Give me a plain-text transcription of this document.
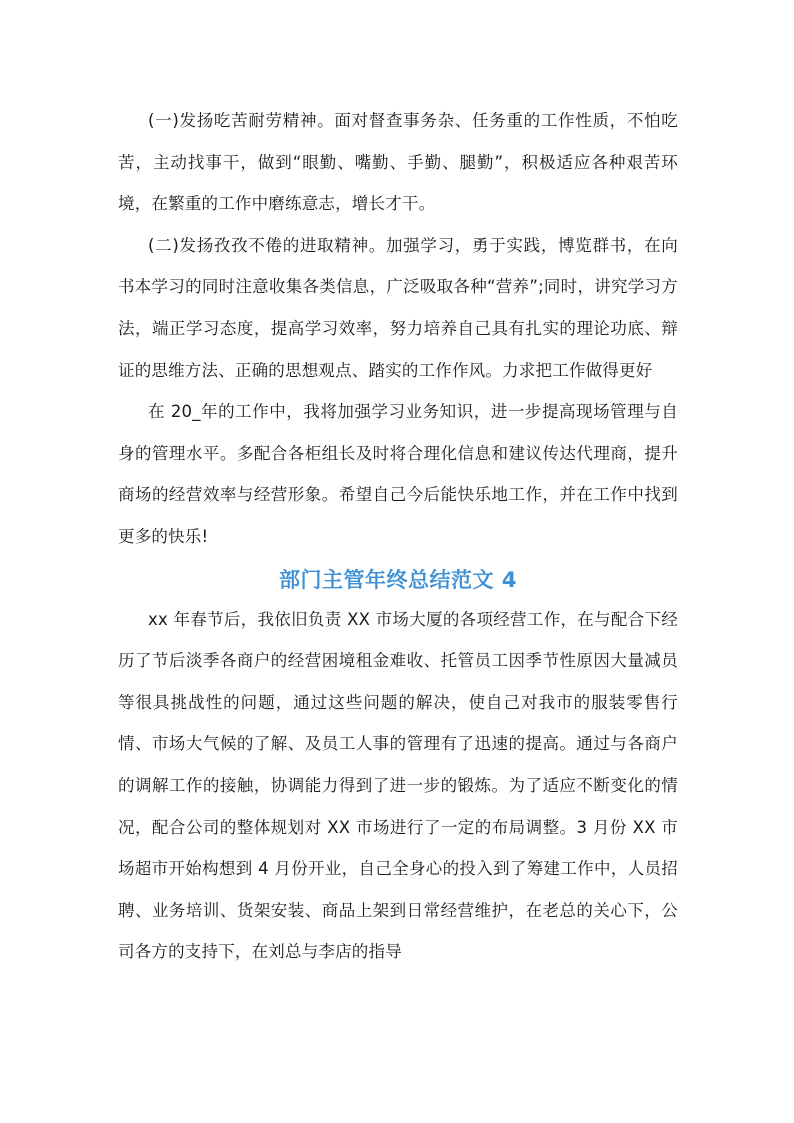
(一)发扬吃苦耐劳精神。面对督查事务杂、任务重的工作性质，不怕吃苦，主动找事干，做到“眼勤、嘴勤、手勤、腿勤”，积极适应各种艰苦环境，在繁重的工作中磨练意志，增长才干。

(二)发扬孜孜不倦的进取精神。加强学习，勇于实践，博览群书，在向书本学习的同时注意收集各类信息，广泛吸取各种“营养”;同时，讲究学习方法，端正学习态度，提高学习效率，努力培养自己具有扎实的理论功底、辩证的思维方法、正确的思想观点、踏实的工作作风。力求把工作做得更好

在 20_年的工作中，我将加强学习业务知识，进一步提高现场管理与自身的管理水平。多配合各柜组长及时将合理化信息和建议传达代理商，提升商场的经营效率与经营形象。希望自己今后能快乐地工作，并在工作中找到更多的快乐!

部门主管年终总结范文 4

xx 年春节后，我依旧负责 XX 市场大厦的各项经营工作，在与配合下经历了节后淡季各商户的经营困境租金难收、托管员工因季节性原因大量减员等很具挑战性的问题，通过这些问题的解决，使自己对我市的服装零售行情、市场大气候的了解、及员工人事的管理有了迅速的提高。通过与各商户的调解工作的接触，协调能力得到了进一步的锻炼。为了适应不断变化的情况，配合公司的整体规划对 XX 市场进行了一定的布局调整。3 月份 XX 市场超市开始构想到 4 月份开业，自己全身心的投入到了筹建工作中，人员招聘、业务培训、货架安装、商品上架到日常经营维护，在老总的关心下，公司各方的支持下，在刘总与李店的指导
